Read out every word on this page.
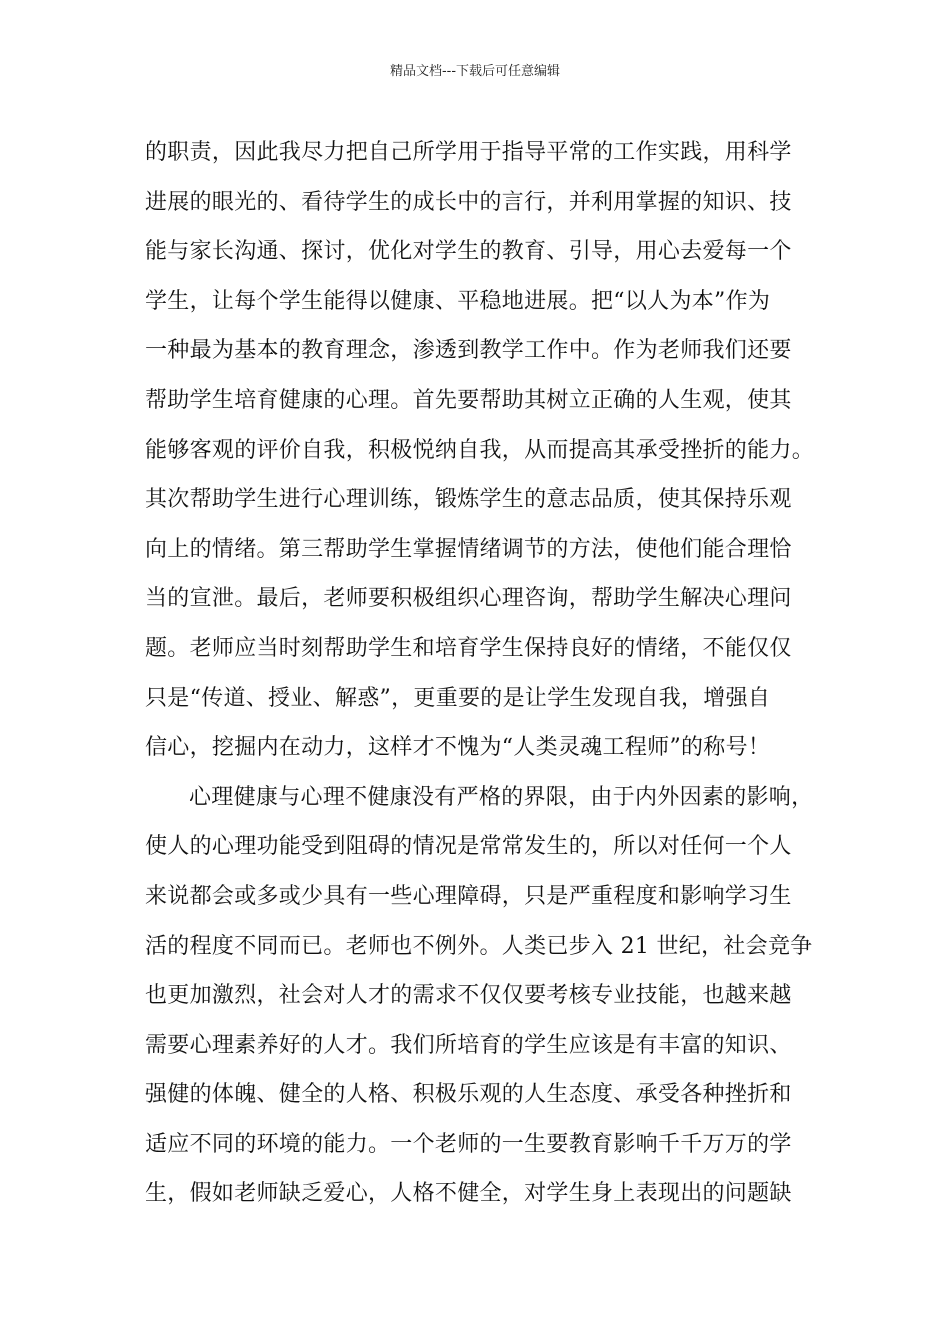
精品文档---下载后可任意编辑
的职责，因此我尽力把自己所学用于指导平常的工作实践，用科学
进展的眼光的、看待学生的成长中的言行，并利用掌握的知识、技
能与家长沟通、探讨，优化对学生的教育、引导，用心去爱每一个
学生，让每个学生能得以健康、平稳地进展。把“以人为本”作为
一种最为基本的教育理念，渗透到教学工作中。作为老师我们还要
帮助学生培育健康的心理。首先要帮助其树立正确的人生观，使其
能够客观的评价自我，积极悦纳自我，从而提高其承受挫折的能力。
其次帮助学生进行心理训练，锻炼学生的意志品质，使其保持乐观
向上的情绪。第三帮助学生掌握情绪调节的方法，使他们能合理恰
当的宣泄。最后，老师要积极组织心理咨询，帮助学生解决心理问
题。老师应当时刻帮助学生和培育学生保持良好的情绪，不能仅仅
只是“传道、授业、解惑”，更重要的是让学生发现自我，增强自
信心，挖掘内在动力，这样才不愧为“人类灵魂工程师”的称号！
心理健康与心理不健康没有严格的界限，由于内外因素的影响，
使人的心理功能受到阻碍的情况是常常发生的，所以对任何一个人
来说都会或多或少具有一些心理障碍，只是严重程度和影响学习生
活的程度不同而已。老师也不例外。人类已步入 21 世纪，社会竞争
也更加激烈，社会对人才的需求不仅仅要考核专业技能，也越来越
需要心理素养好的人才。我们所培育的学生应该是有丰富的知识、
强健的体魄、健全的人格、积极乐观的人生态度、承受各种挫折和
适应不同的环境的能力。一个老师的一生要教育影响千千万万的学
生，假如老师缺乏爱心，人格不健全，对学生身上表现出的问题缺
